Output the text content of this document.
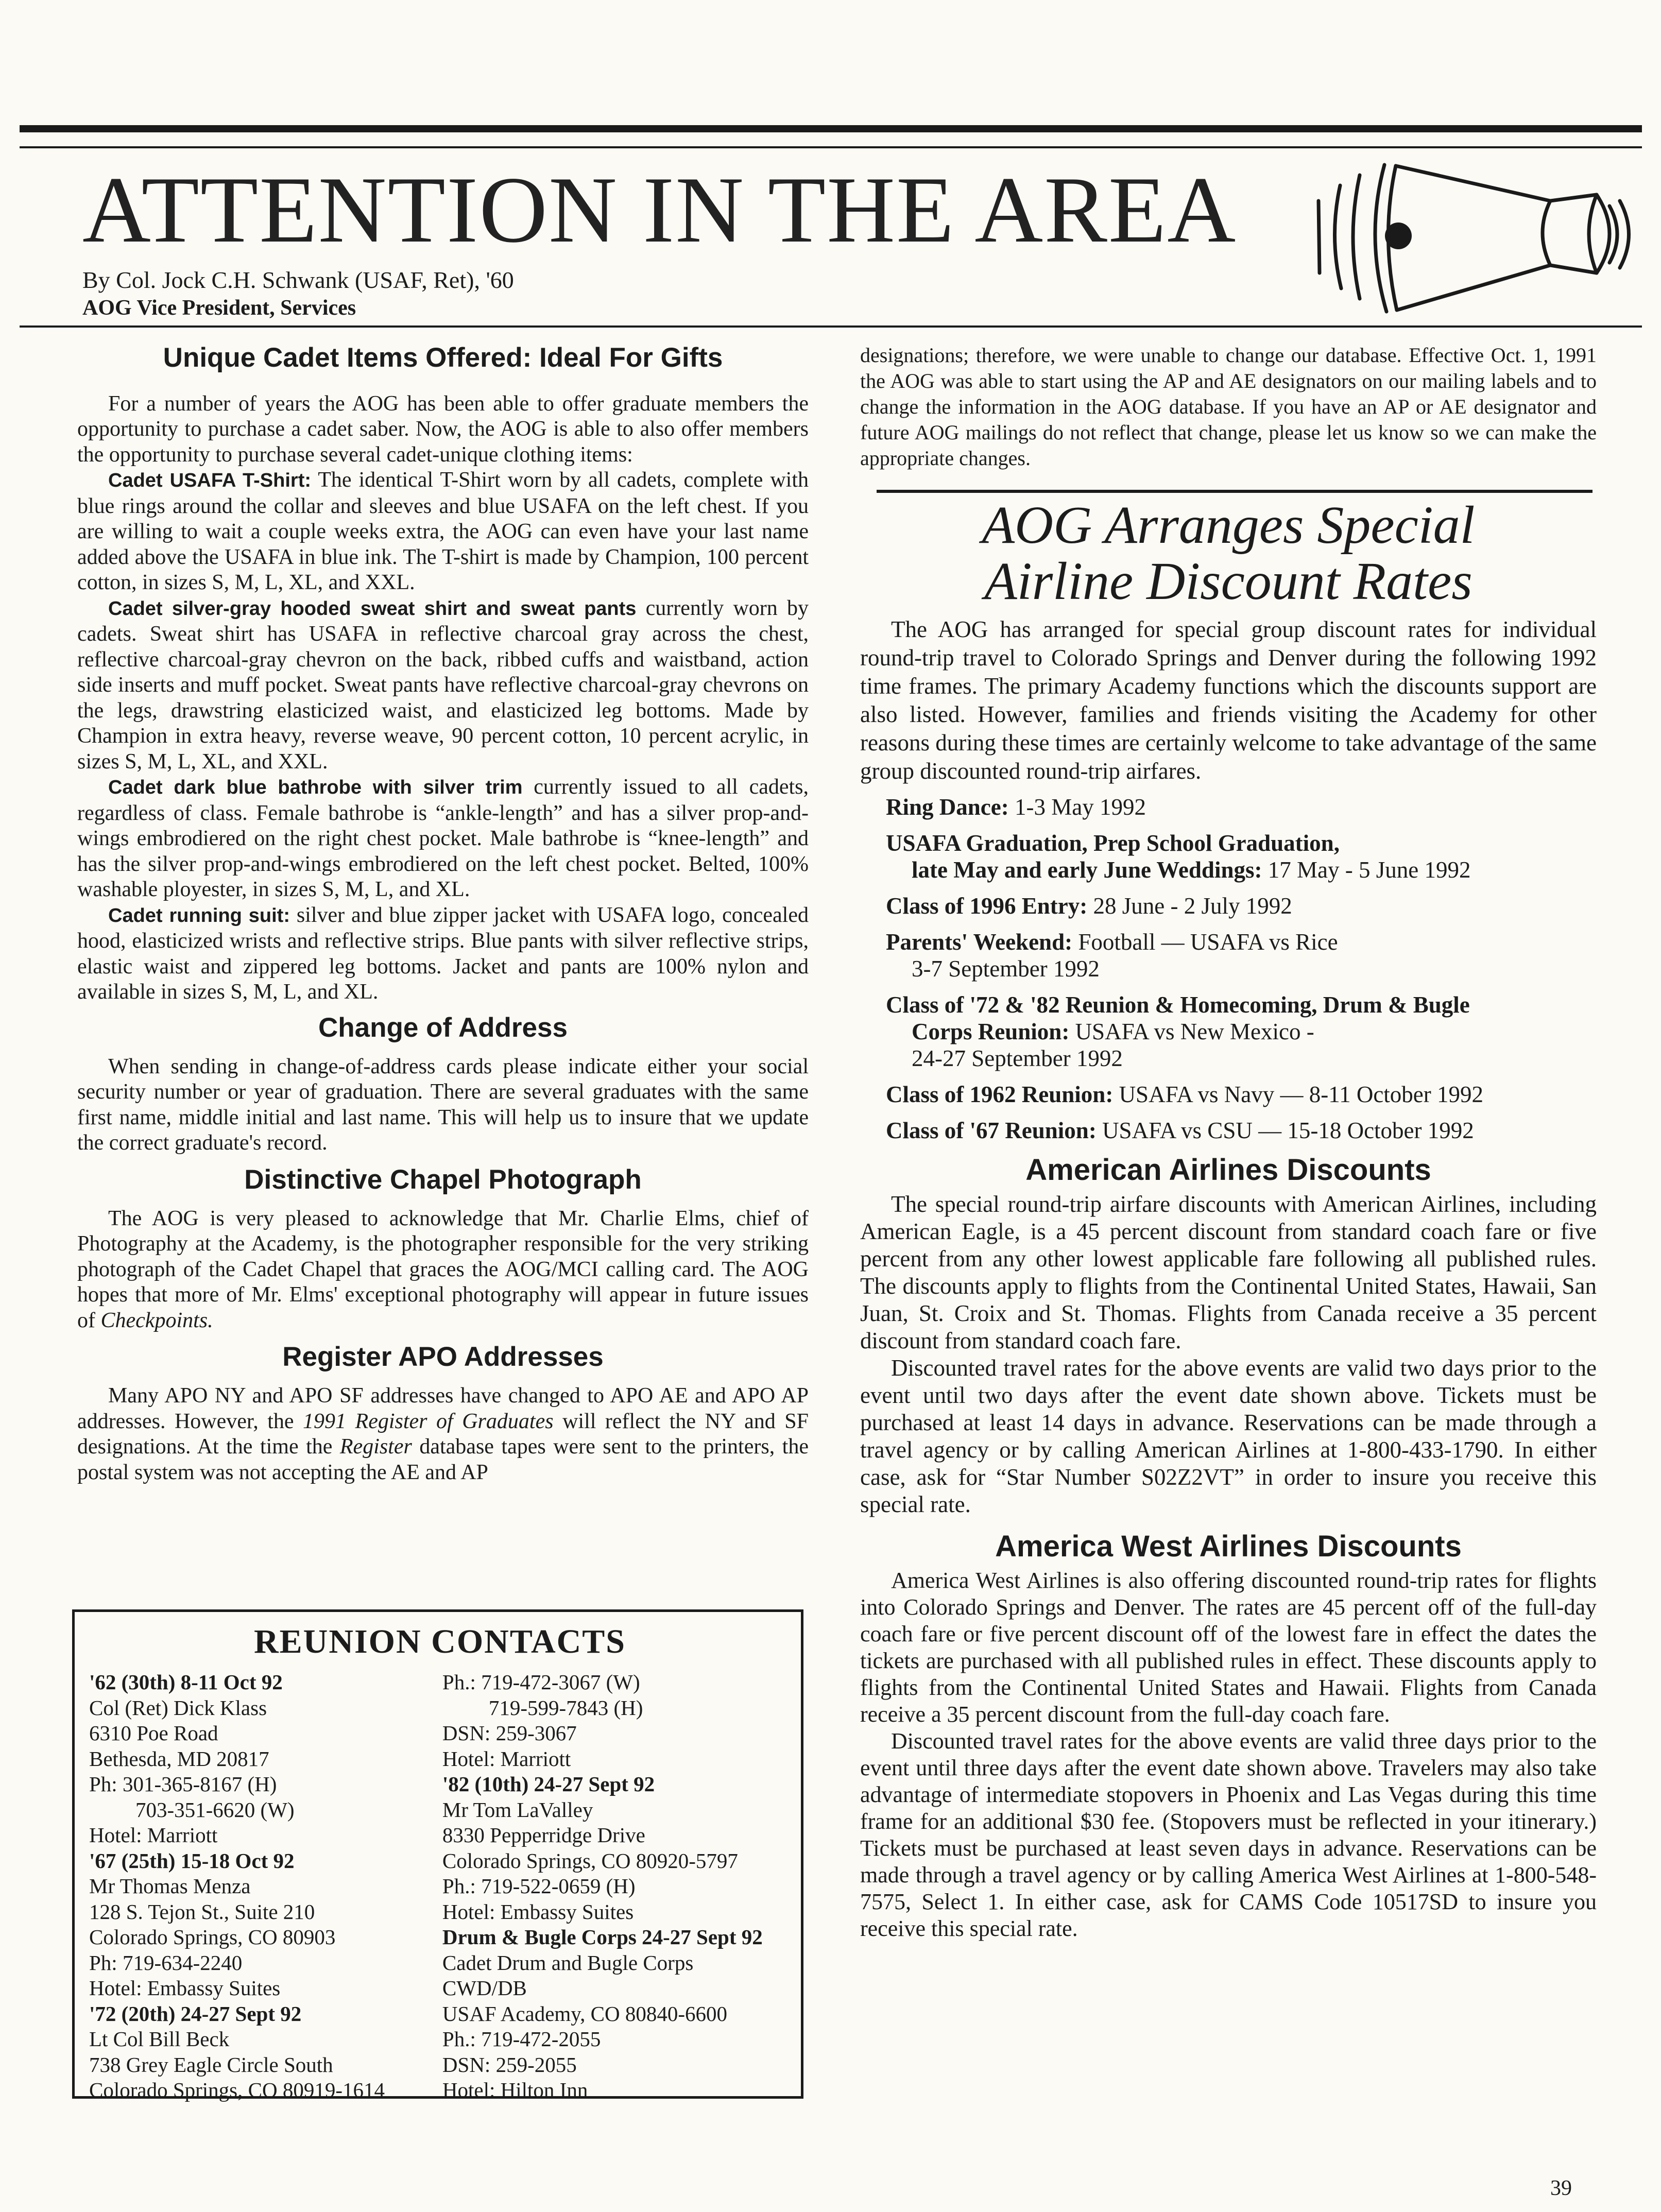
ATTENTION IN THE AREA
By Col. Jock C.H. Schwank (USAF, Ret), '60
AOG Vice President, Services
Unique Cadet Items Offered: Ideal For Gifts

For a number of years the AOG has been able to offer graduate members the opportunity to purchase a cadet saber. Now, the AOG is able to also offer members the opportunity to purchase several cadet-unique clothing items:

Cadet USAFA T-Shirt: The identical T-Shirt worn by all cadets, complete with blue rings around the collar and sleeves and blue USAFA on the left chest. If you are willing to wait a couple weeks extra, the AOG can even have your last name added above the USAFA in blue ink. The T-shirt is made by Champion, 100 percent cotton, in sizes S, M, L, XL, and XXL.

Cadet silver-gray hooded sweat shirt and sweat pants currently worn by cadets. Sweat shirt has USAFA in reflective charcoal gray across the chest, reflective charcoal-gray chevron on the back, ribbed cuffs and waistband, action side inserts and muff pocket. Sweat pants have reflective charcoal-gray chevrons on the legs, drawstring elasticized waist, and elasticized leg bottoms. Made by Champion in extra heavy, reverse weave, 90 percent cotton, 10 percent acrylic, in sizes S, M, L, XL, and XXL.

Cadet dark blue bathrobe with silver trim currently issued to all cadets, regardless of class. Female bathrobe is “ankle-length” and has a silver prop-and-wings embrodiered on the right chest pocket. Male bathrobe is “knee-length” and has the silver prop-and-wings embrodiered on the left chest pocket. Belted, 100% washable ployester, in sizes S, M, L, and XL.

Cadet running suit: silver and blue zipper jacket with USAFA logo, concealed hood, elasticized wrists and reflective strips. Blue pants with silver reflective strips, elastic waist and zippered leg bottoms. Jacket and pants are 100% nylon and available in sizes S, M, L, and XL.

Change of Address

When sending in change-of-address cards please indicate either your social security number or year of graduation. There are several graduates with the same first name, middle initial and last name. This will help us to insure that we update the correct graduate's record.

Distinctive Chapel Photograph

The AOG is very pleased to acknowledge that Mr. Charlie Elms, chief of Photography at the Academy, is the photographer responsible for the very striking photograph of the Cadet Chapel that graces the AOG/MCI calling card. The AOG hopes that more of Mr. Elms' exceptional photography will appear in future issues of Checkpoints.

Register APO Addresses

Many APO NY and APO SF addresses have changed to APO AE and APO AP addresses. However, the 1991 Register of Graduates will reflect the NY and SF designations. At the time the Register database tapes were sent to the printers, the postal system was not accepting the AE and AP

REUNION CONTACTS
'62 (30th) 8-11 Oct 92
Col (Ret) Dick Klass
6310 Poe Road
Bethesda, MD 20817
Ph: 301-365-8167 (H)
703-351-6620 (W)
Hotel: Marriott
'67 (25th) 15-18 Oct 92
Mr Thomas Menza
128 S. Tejon St., Suite 210
Colorado Springs, CO 80903
Ph: 719-634-2240
Hotel: Embassy Suites
'72 (20th) 24-27 Sept 92
Lt Col Bill Beck
738 Grey Eagle Circle South
Colorado Springs, CO 80919-1614
Ph.: 719-472-3067 (W)
719-599-7843 (H)
DSN: 259-3067
Hotel: Marriott
'82 (10th) 24-27 Sept 92
Mr Tom LaValley
8330 Pepperridge Drive
Colorado Springs, CO 80920-5797
Ph.: 719-522-0659 (H)
Hotel: Embassy Suites
Drum & Bugle Corps 24-27 Sept 92
Cadet Drum and Bugle Corps
CWD/DB
USAF Academy, CO 80840-6600
Ph.: 719-472-2055
DSN: 259-2055
Hotel: Hilton Inn

designations; therefore, we were unable to change our database. Effective Oct. 1, 1991 the AOG was able to start using the AP and AE designators on our mailing labels and to change the information in the AOG database. If you have an AP or AE designator and future AOG mailings do not reflect that change, please let us know so we can make the appropriate changes.

AOG Arranges Special
Airline Discount Rates

The AOG has arranged for special group discount rates for individual round-trip travel to Colorado Springs and Denver during the following 1992 time frames. The primary Academy functions which the discounts support are also listed. However, families and friends visiting the Academy for other reasons during these times are certainly welcome to take advantage of the same group discounted round-trip airfares.

Ring Dance: 1-3 May 1992
USAFA Graduation, Prep School Graduation,
late May and early June Weddings: 17 May - 5 June 1992
Class of 1996 Entry: 28 June - 2 July 1992
Parents' Weekend: Football — USAFA vs Rice
3-7 September 1992
Class of '72 & '82 Reunion & Homecoming, Drum & Bugle
Corps Reunion: USAFA vs New Mexico -
24-27 September 1992
Class of 1962 Reunion: USAFA vs Navy — 8-11 October 1992
Class of '67 Reunion: USAFA vs CSU — 15-18 October 1992
American Airlines Discounts

The special round-trip airfare discounts with American Airlines, including American Eagle, is a 45 percent discount from standard coach fare or five percent from any other lowest applicable fare following all published rules. The discounts apply to flights from the Continental United States, Hawaii, San Juan, St. Croix and St. Thomas. Flights from Canada receive a 35 percent discount from standard coach fare.

Discounted travel rates for the above events are valid two days prior to the event until two days after the event date shown above. Tickets must be purchased at least 14 days in advance. Reservations can be made through a travel agency or by calling American Airlines at 1-800-433-1790. In either case, ask for “Star Number S02Z2VT” in order to insure you receive this special rate.

America West Airlines Discounts

America West Airlines is also offering discounted round-trip rates for flights into Colorado Springs and Denver. The rates are 45 percent off of the full-day coach fare or five percent discount off of the lowest fare in effect the dates the tickets are purchased with all published rules in effect. These discounts apply to flights from the Continental United States and Hawaii. Flights from Canada receive a 35 percent discount from the full-day coach fare.

Discounted travel rates for the above events are valid three days prior to the event until three days after the event date shown above. Travelers may also take advantage of intermediate stopovers in Phoenix and Las Vegas during this time frame for an additional $30 fee. (Stopovers must be reflected in your itinerary.) Tickets must be purchased at least seven days in advance. Reservations can be made through a travel agency or by calling America West Airlines at 1-800-548-7575, Select 1. In either case, ask for CAMS Code 10517SD to insure you receive this special rate.

39
